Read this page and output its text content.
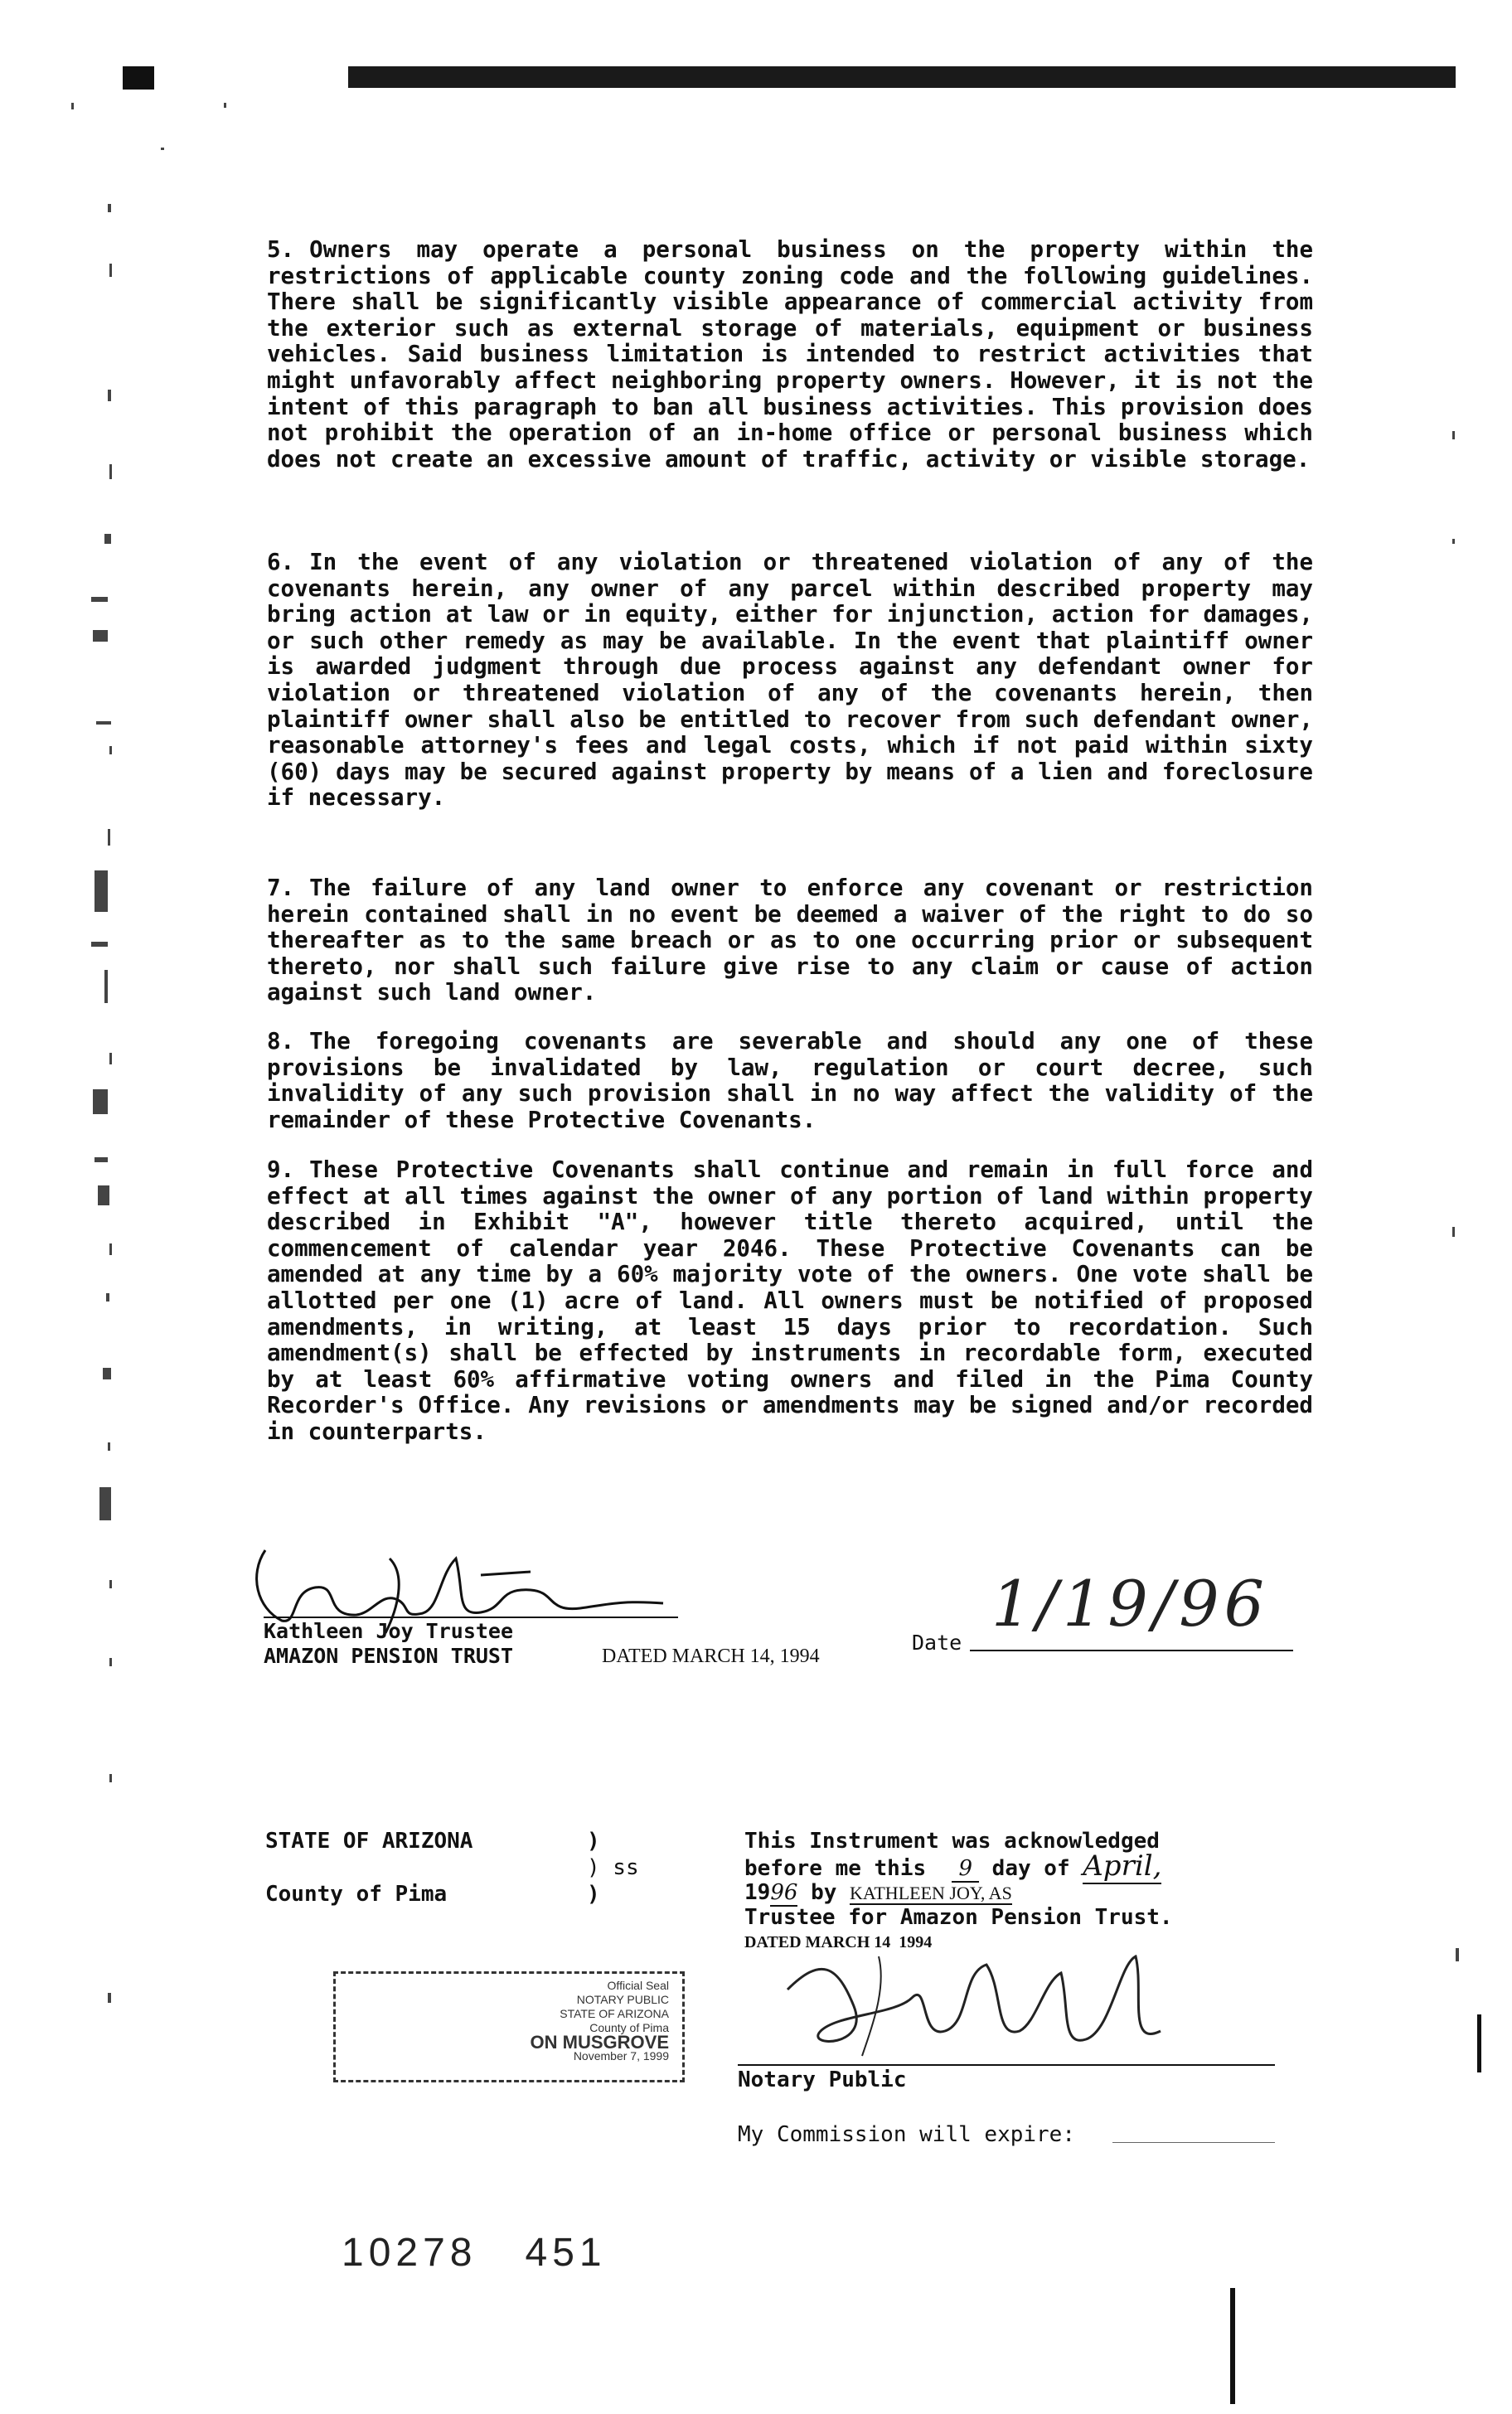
5. Owners may operate a personal business on the property within the restrictions of applicable county zoning code and the following guidelines. There shall be significantly visible appearance of commercial activity from the exterior such as external storage of materials, equipment or business vehicles. Said business limitation is intended to restrict activities that might unfavorably affect neighboring property owners. However, it is not the intent of this paragraph to ban all business activities. This provision does not prohibit the operation of an in-home office or personal business which does not create an excessive amount of traffic, activity or visible storage.

6. In the event of any violation or threatened violation of any of the covenants herein, any owner of any parcel within described property may bring action at law or in equity, either for injunction, action for damages, or such other remedy as may be available. In the event that plaintiff owner is awarded judgment through due process against any defendant owner for violation or threatened violation of any of the covenants herein, then plaintiff owner shall also be entitled to recover from such defendant owner, reasonable attorney's fees and legal costs, which if not paid within sixty (60) days may be secured against property by means of a lien and foreclosure if necessary.

7. The failure of any land owner to enforce any covenant or restriction herein contained shall in no event be deemed a waiver of the right to do so thereafter as to the same breach or as to one occurring prior or subsequent thereto, nor shall such failure give rise to any claim or cause of action against such land owner.

8. The foregoing covenants are severable and should any one of these provisions be invalidated by law, regulation or court decree, such invalidity of any such provision shall in no way affect the validity of the remainder of these Protective Covenants.

9. These Protective Covenants shall continue and remain in full force and effect at all times against the owner of any portion of land within property described in Exhibit "A", however title thereto acquired, until the commencement of calendar year 2046. These Protective Covenants can be amended at any time by a 60% majority vote of the owners. One vote shall be allotted per one (1) acre of land. All owners must be notified of proposed amendments, in writing, at least 15 days prior to recordation. Such amendment(s) shall be effected by instruments in recordable form, executed by at least 60% affirmative voting owners and filed in the Pima County Recorder's Office. Any revisions or amendments may be signed and/or recorded in counterparts.

Kathleen Joy Trustee
AMAZON PENSION TRUST	DATED MARCH 14, 1994
Date
1/19/96
STATE OF ARIZONA	)
) ss
County of Pima	)
This Instrument was acknowledged
before me this 9 day of April,
1996 by KATHLEEN JOY, AS
Trustee for Amazon Pension Trust.
DATED MARCH 14  1994
Notary Public
My Commission will expire:
Official Seal
NOTARY PUBLIC
STATE OF ARIZONA
County of Pima
ON MUSGROVE
November 7, 1999
10278 451
